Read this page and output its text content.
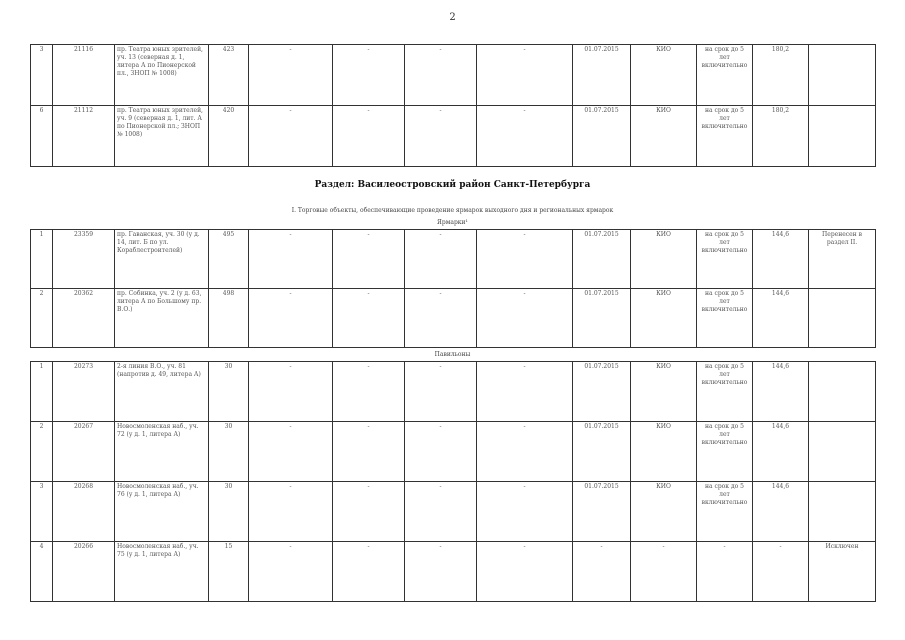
2
3	21116	пр. Театра юных зрителей, уч. 13 (северная д. 1, литера А по Пионерской пл., ЗНОП № 1008)	423	-	-	-	-	01.07.2015	КИО	на срок до 5 лет включительно	180,2	
6	21112	пр. Театра юных зрителей, уч. 9 (северная д. 1, лит. А по Пионерской пл.; ЗНОП № 1008)	420	-	-	-	-	01.07.2015	КИО	на срок до 5 лет включительно	180,2	
Раздел: Василеостровский район Санкт-Петербурга
I. Торговые объекты, обеспечивающие проведение ярмарок выходного дня и региональных ярмарок
Ярмарки¹
1	23359	пр. Гаванская, уч. 30 (у д. 14, лит. Б по ул. Кораблестроителей)	495	-	-	-	-	01.07.2015	КИО	на срок до 5 лет включительно	144,6	Перенесен в раздел II.
2	20362	пр. Собинка, уч. 2 (у д. 63, литера А по Большому пр. В.О.)	498	-	-	-	-	01.07.2015	КИО	на срок до 5 лет включительно	144,6	
Павильоны
1	20273	2-я линия В.О., уч. 81 (напротив д. 49, литера А)	30	-	-	-	-	01.07.2015	КИО	на срок до 5 лет включительно	144,6	
2	20267	Новосмоленская наб., уч. 72 (у д. 1, литера А)	30	-	-	-	-	01.07.2015	КИО	на срок до 5 лет включительно	144,6	
3	20268	Новосмоленская наб., уч. 76 (у д. 1, литера А)	30	-	-	-	-	01.07.2015	КИО	на срок до 5 лет включительно	144,6	
4	20266	Новосмоленская наб., уч. 75 (у д. 1, литера А)	15	-	-	-	-	-	-	-	-	Исключен
